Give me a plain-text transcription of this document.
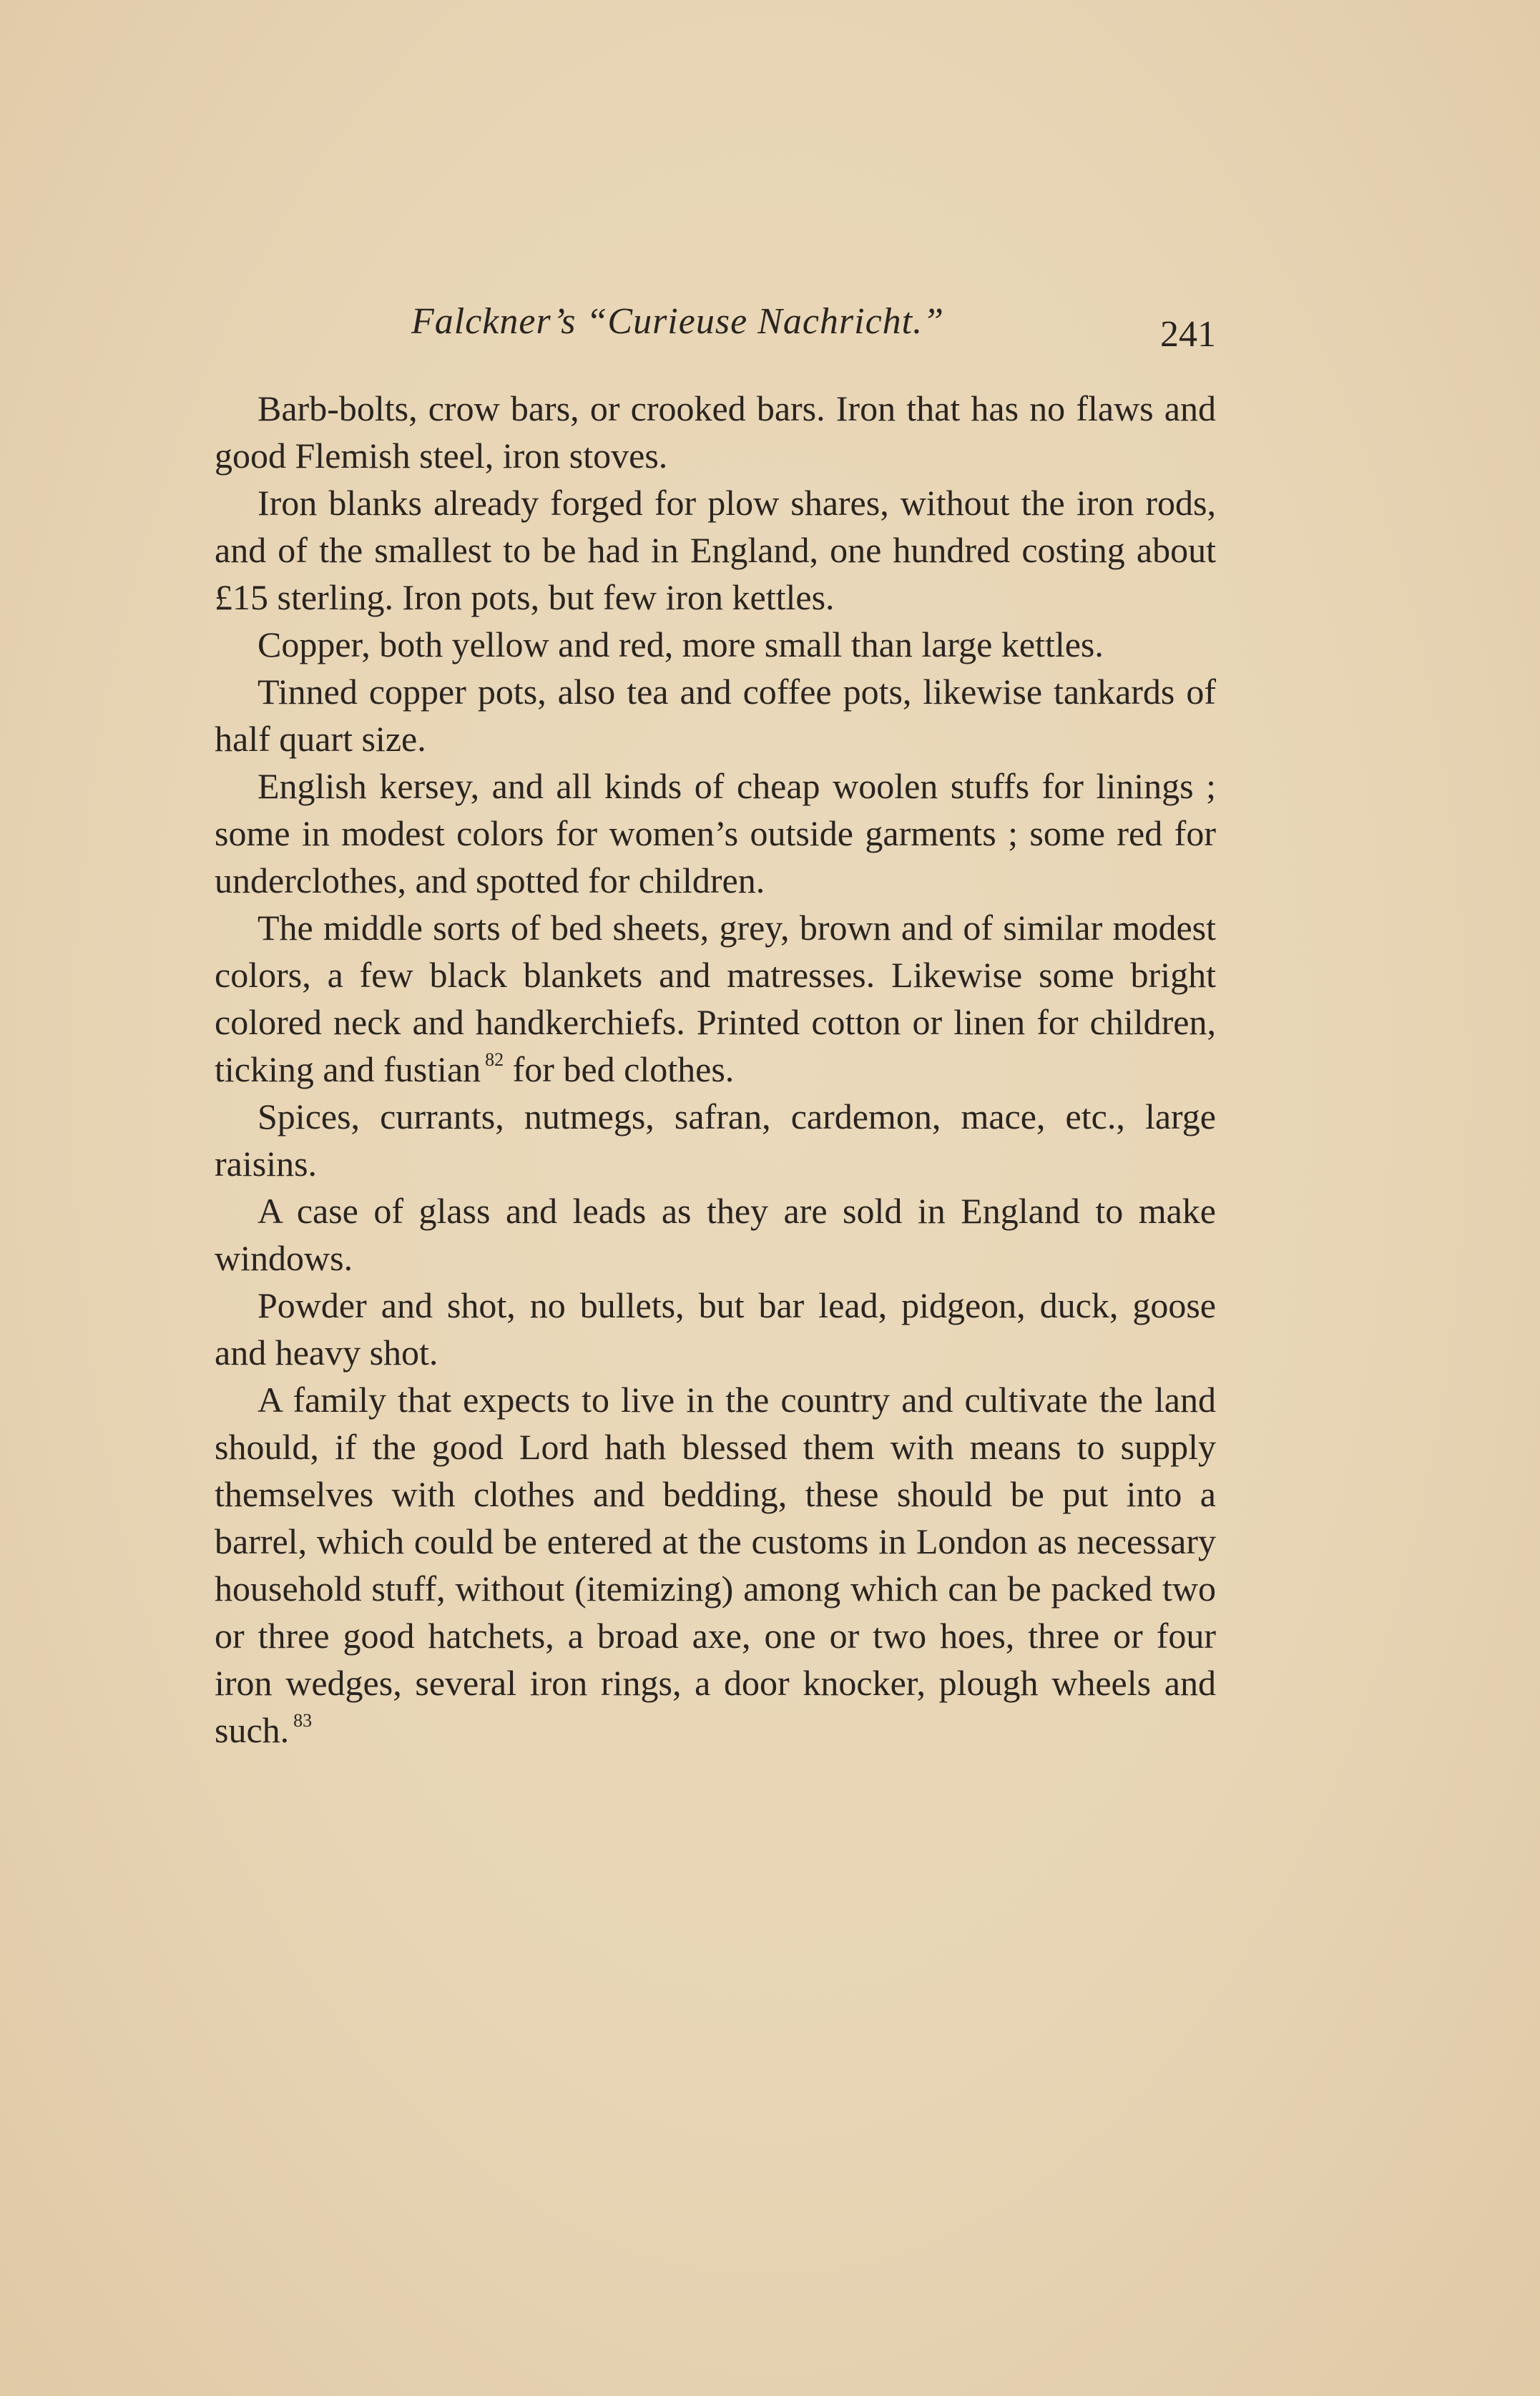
Falckner’s “Curieuse Nachricht.”	241

Barb-bolts, crow bars, or crooked bars. Iron that has no flaws and good Flemish steel, iron stoves.

Iron blanks already forged for plow shares, without the iron rods, and of the smallest to be had in England, one hundred costing about £15 sterling. Iron pots, but few iron kettles.

Copper, both yellow and red, more small than large kettles.

Tinned copper pots, also tea and coffee pots, likewise tankards of half quart size.

English kersey, and all kinds of cheap woolen stuffs for linings ; some in modest colors for women’s outside garments ; some red for underclothes, and spotted for children.

The middle sorts of bed sheets, grey, brown and of similar modest colors, a few black blankets and matresses. Likewise some bright colored neck and handkerchiefs. Printed cotton or linen for children, ticking and fustian $^{82}$ for bed clothes.

Spices, currants, nutmegs, safran, cardemon, mace, etc., large raisins.

A case of glass and leads as they are sold in England to make windows.

Powder and shot, no bullets, but bar lead, pidgeon, duck, goose and heavy shot.

A family that expects to live in the country and cultivate the land should, if the good Lord hath blessed them with means to supply themselves with clothes and bedding, these should be put into a barrel, which could be entered at the customs in London as necessary household stuff, without (itemizing) among which can be packed two or three good hatchets, a broad axe, one or two hoes, three or four iron wedges, several iron rings, a door knocker, plough wheels and such. $^{83}$
